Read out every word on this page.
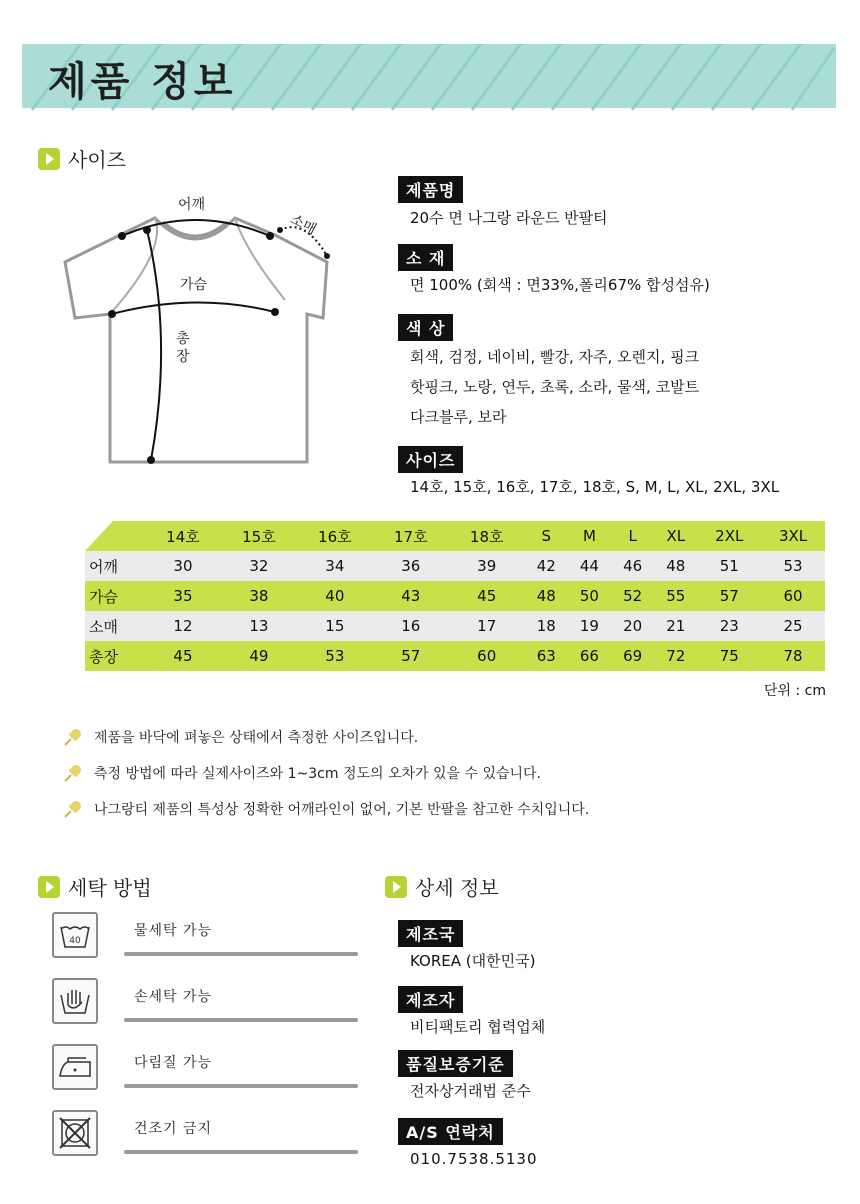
제품 정보
사이즈
어깨
소매
가슴
총
장
제품명
20수 면 나그랑 라운드 반팔티
소 재
면 100% (회색 : 면33%,폴리67% 합성섬유)
색 상
회색, 검정, 네이비, 빨강, 자주, 오렌지, 핑크
핫핑크, 노랑, 연두, 초록, 소라, 물색, 코발트
다크블루, 보라
사이즈
14호, 15호, 16호, 17호, 18호, S, M, L, XL, 2XL, 3XL
	14호	15호	16호	17호	18호	S	M	L	XL	2XL	3XL
어깨	30	32	34	36	39	42	44	46	48	51	53
가슴	35	38	40	43	45	48	50	52	55	57	60
소매	12	13	15	16	17	18	19	20	21	23	25
총장	45	49	53	57	60	63	66	69	72	75	78
단위 : cm
제품을 바닥에 펴놓은 상태에서 측정한 사이즈입니다.
측정 방법에 따라 실제사이즈와 1~3cm 정도의 오차가 있을 수 있습니다.
나그랑티 제품의 특성상 정확한 어깨라인이 없어, 기본 반팔을 참고한 수치입니다.
세탁 방법
40
물세탁 가능
손세탁 가능
다림질 가능
건조기 금지
상세 정보
제조국
KOREA (대한민국)
제조자
비티팩토리 협력업체
품질보증기준
전자상거래법 준수
A/S 연락처
010.7538.5130
